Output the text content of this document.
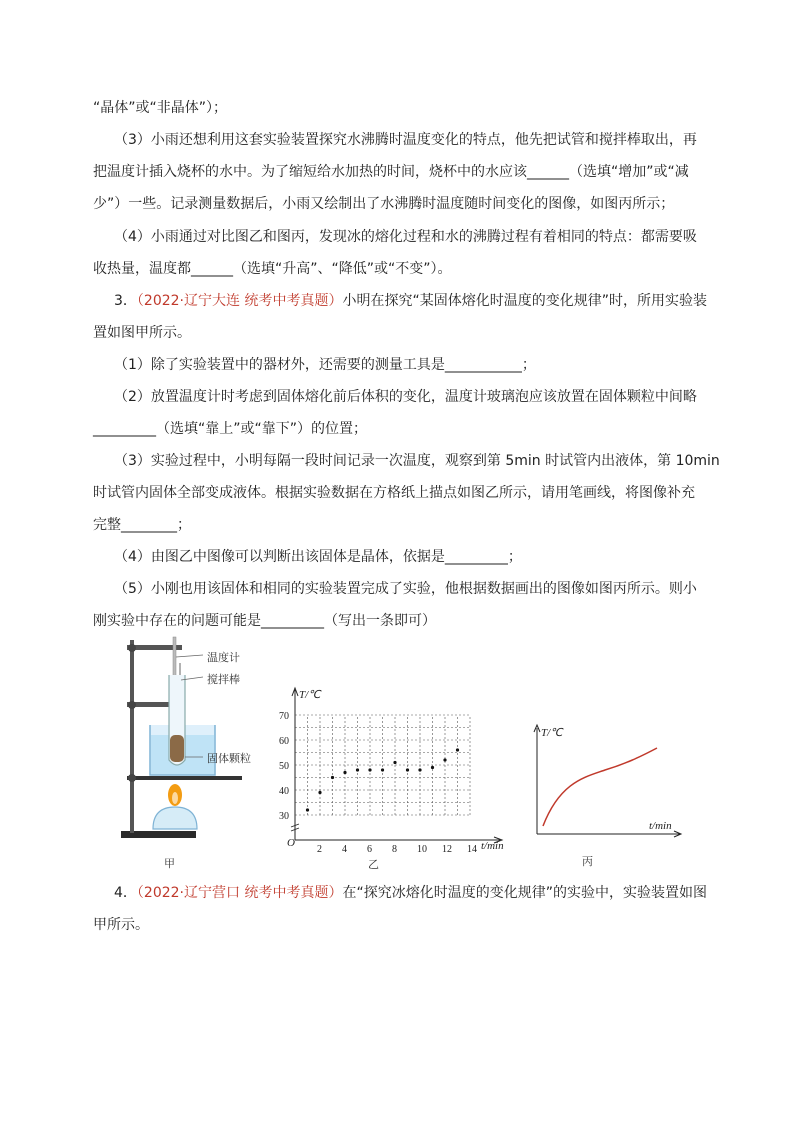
“晶体”或“非晶体”）；
（3）小雨还想利用这套实验装置探究水沸腾时温度变化的特点，他先把试管和搅拌棒取出，再
把温度计插入烧杯的水中。为了缩短给水加热的时间，烧杯中的水应该______（选填“增加”或“减
少”）一些。记录测量数据后，小雨又绘制出了水沸腾时温度随时间变化的图像，如图丙所示；
（4）小雨通过对比图乙和图丙，发现冰的熔化过程和水的沸腾过程有着相同的特点：都需要吸
收热量，温度都______（选填“升高”、“降低”或“不变”）。
3．（2022·辽宁大连 统考中考真题）小明在探究“某固体熔化时温度的变化规律”时，所用实验装
置如图甲所示。
（1）除了实验装置中的器材外，还需要的测量工具是___________；
（2）放置温度计时考虑到固体熔化前后体积的变化，温度计玻璃泡应该放置在固体颗粒中间略
_________（选填“靠上”或“靠下”）的位置；
（3）实验过程中，小明每隔一段时间记录一次温度，观察到第 5min 时试管内出液体，第 10min
时试管内固体全部变成液体。根据实验数据在方格纸上描点如图乙所示，请用笔画线，将图像补充
完整________；
（4）由图乙中图像可以判断出该固体是晶体，依据是_________；
（5）小刚也用该固体和相同的实验装置完成了实验，他根据数据画出的图像如图丙所示。则小
刚实验中存在的问题可能是_________（写出一条即可）
温度计
搅拌棒
固体颗粒
甲
2 4 6 8 10 12 14
30
40
50
60
70
T/℃
t/min
O
乙
T/℃
t/min
丙
4．（2022·辽宁营口 统考中考真题）在“探究冰熔化时温度的变化规律”的实验中，实验装置如图
甲所示。
